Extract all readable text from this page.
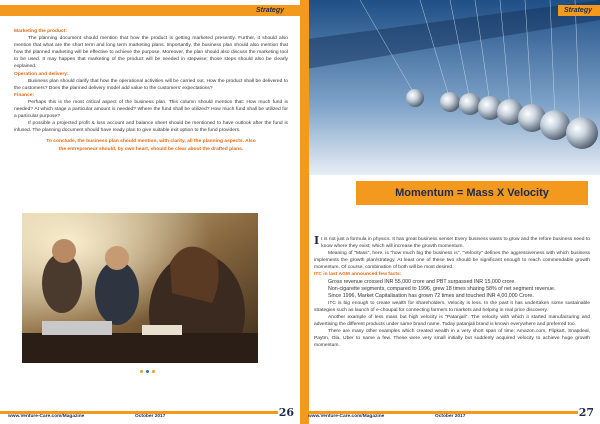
Strategy
Marketing the product:

The planning document should mention that how the product is getting marketed presently. Further, it should also mention that what are the short term and long term marketing plans. Importantly, the business plan should also mention that how the planned marketing will be effective to achieve the purpose. Moreover, the plan should also discuss the marketing tool to be used. It may happen that marketing of the product will be needed in stepwise; those steps should also be clearly explained.

Operation and delivery:

Business plan should clarify that how the operational activities will be carried out. How the product shall be delivered to the customers? Does the planned delivery model add value to the customers' expectations?

Finance:

Perhaps this is the most critical aspect of the business plan. This column should mention that: How much fund is needed? At which stage a particular amount is needed? Where the fund shall be utilized? How much fund shall be utilized for a particular purpose?

If possible a projected profit & loss account and balance sheet should be mentioned to have outlook after the fund is infused. The planning document should have ready plan to give suitable exit option to the fund providers.

To conclude, the business plan should mention, with clarity, all the planning aspects. Also the entrepreneur should, by own heart, should be clear about the drafted plans.

www.Venture-Care.com/Magazine	October 2017	26
Strategy
Momentum = Mass X Velocity

It is not just a formula in physics. It has great business sense! Every business wants to grow and the refore business need to know where they exist; which will increase the growth momentum.

Meaning of "Mass", here, is "how much big the business is". "Velocity" defines the aggressiveness with which business implements the growth plan/strategy. At least one of these two should be significant enough to reach commendable growth momentum. Of course, combination of both will be most desired.

ITC in last AGM announced few facts:

Gross revenue crossed INR 55,000 crore and PBT surpassed INR 15,000 crore.

Non-cigarette segments, compared to 1996, grew 18 times sharing 58% of net segment revenue.

Since 1996, Market Capitalisation has grown 72 times and touched INR 4,00,000 Crore.

ITC is big enough to create wealth for shareholders. Velocity is less. In the past it has undertaken some sustainable strategies such as launch of e-choupal for connecting farmers to markets and helping in real price discovery.

Another example of less mass but high velocity is "Patanjali". The velocity with which it started manufacturing and advertising the different products under same brand name. Today patanjali brand is known everywhere and preferred too.

There are many other examples which created wealth in a very short span of time; Amazon.com, Flipkart, Snapdeal, Paytm, Ola, Uber to name a few. These were very small initially but suddenly acquired velocity to achieve huge growth momentum.

www.Venture-Care.com/Magazine	October 2017	27
